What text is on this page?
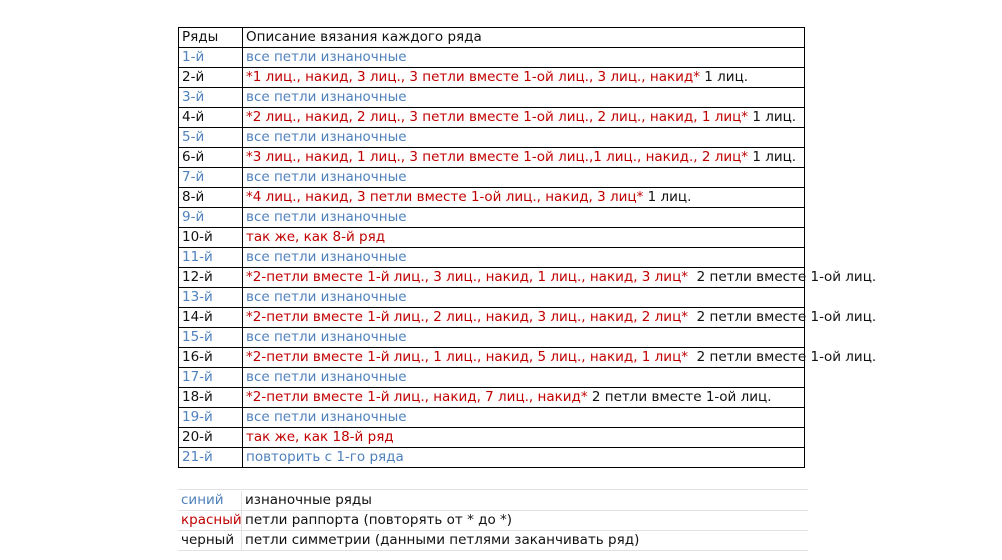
Ряды	Описание вязания каждого ряда
1-й	все петли изнаночные
2-й	*1 лиц., накид, 3 лиц., 3 петли вместе 1-ой лиц., 3 лиц., накид* 1 лиц.
3-й	все петли изнаночные
4-й	*2 лиц., накид, 2 лиц., 3 петли вместе 1-ой лиц., 2 лиц., накид, 1 лиц* 1 лиц.
5-й	все петли изнаночные
6-й	*3 лиц., накид, 1 лиц., 3 петли вместе 1-ой лиц.,1 лиц., накид., 2 лиц* 1 лиц.
7-й	все петли изнаночные
8-й	*4 лиц., накид, 3 петли вместе 1-ой лиц., накид, 3 лиц* 1 лиц.
9-й	все петли изнаночные
10-й	так же, как 8-й ряд
11-й	все петли изнаночные
12-й	*2-петли вместе 1-й лиц., 3 лиц., накид, 1 лиц., накид, 3 лиц*  2 петли вместе 1-ой лиц.
13-й	все петли изнаночные
14-й	*2-петли вместе 1-й лиц., 2 лиц., накид, 3 лиц., накид, 2 лиц*  2 петли вместе 1-ой лиц.
15-й	все петли изнаночные
16-й	*2-петли вместе 1-й лиц., 1 лиц., накид, 5 лиц., накид, 1 лиц*  2 петли вместе 1-ой лиц.
17-й	все петли изнаночные
18-й	*2-петли вместе 1-й лиц., накид, 7 лиц., накид* 2 петли вместе 1-ой лиц.
19-й	все петли изнаночные
20-й	так же, как 18-й ряд
21-й	повторить с 1-го ряда
синий	изнаночные ряды
красный	петли раппорта (повторять от * до *)
черный	петли симметрии (данными петлями заканчивать ряд)
